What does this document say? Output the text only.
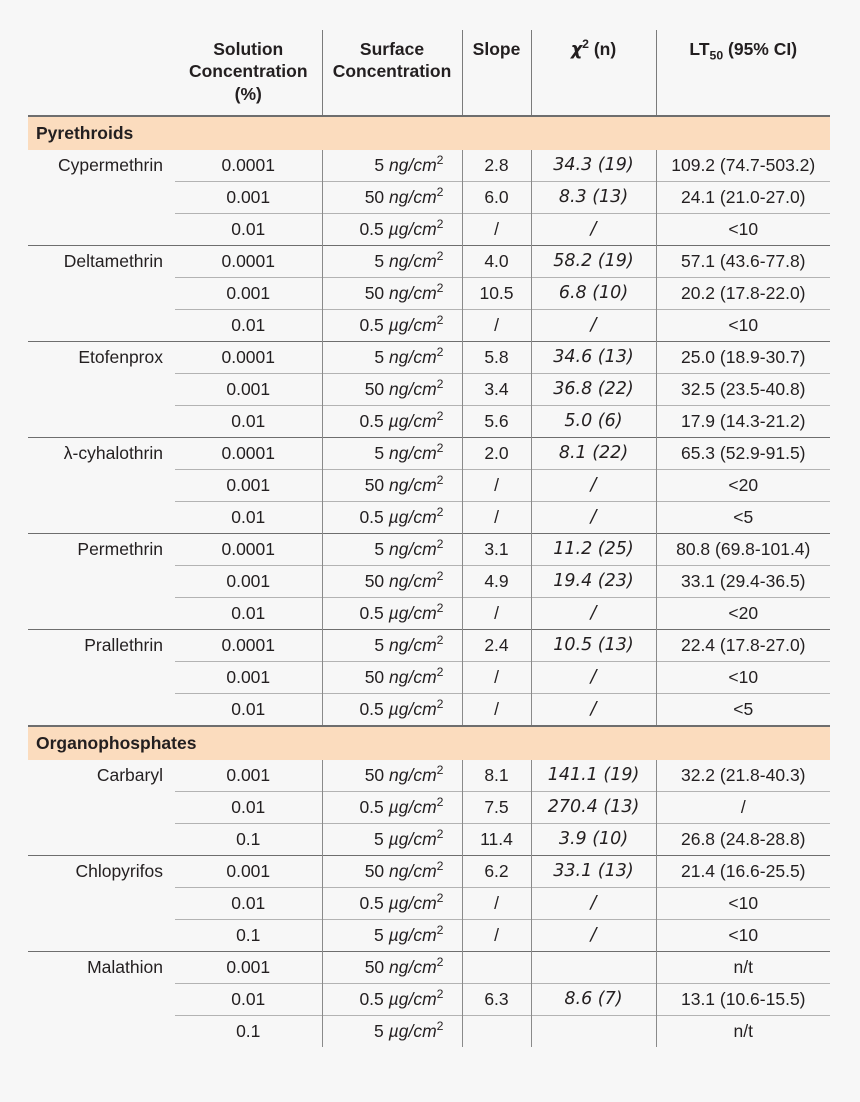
	Solution
Concentration
(%)	Surface
Concentration	Slope	$\chi^2$ (n)	$LT_{50}$ (95% CI)
Pyrethroids					
Cypermethrin	0.0001	5 $ng/cm^2$	2.8	34.3 (19)	109.2 (74.7-503.2)
	0.001	50 $ng/cm^2$	6.0	8.3 (13)	24.1 (21.0-27.0)
	0.01	0.5 $\mu g/cm^2$	/	/	<10
Deltamethrin	0.0001	5 $ng/cm^2$	4.0	58.2 (19)	57.1 (43.6-77.8)
	0.001	50 $ng/cm^2$	10.5	6.8 (10)	20.2 (17.8-22.0)
	0.01	0.5 $\mu g/cm^2$	/	/	<10
Etofenprox	0.0001	5 $ng/cm^2$	5.8	34.6 (13)	25.0 (18.9-30.7)
	0.001	50 $ng/cm^2$	3.4	36.8 (22)	32.5 (23.5-40.8)
	0.01	0.5 $\mu g/cm^2$	5.6	5.0 (6)	17.9 (14.3-21.2)
λ-cyhalothrin	0.0001	5 $ng/cm^2$	2.0	8.1 (22)	65.3 (52.9-91.5)
	0.001	50 $ng/cm^2$	/	/	<20
	0.01	0.5 $\mu g/cm^2$	/	/	<5
Permethrin	0.0001	5 $ng/cm^2$	3.1	11.2 (25)	80.8 (69.8-101.4)
	0.001	50 $ng/cm^2$	4.9	19.4 (23)	33.1 (29.4-36.5)
	0.01	0.5 $\mu g/cm^2$	/	/	<20
Prallethrin	0.0001	5 $ng/cm^2$	2.4	10.5 (13)	22.4 (17.8-27.0)
	0.001	50 $ng/cm^2$	/	/	<10
	0.01	0.5 $\mu g/cm^2$	/	/	<5
Organophosphates					
Carbaryl	0.001	50 $ng/cm^2$	8.1	141.1 (19)	32.2 (21.8-40.3)
	0.01	0.5 $\mu g/cm^2$	7.5	270.4 (13)	/
	0.1	5 $\mu g/cm^2$	11.4	3.9 (10)	26.8 (24.8-28.8)
Chlopyrifos	0.001	50 $ng/cm^2$	6.2	33.1 (13)	21.4 (16.6-25.5)
	0.01	0.5 $\mu g/cm^2$	/	/	<10
	0.1	5 $\mu g/cm^2$	/	/	<10
Malathion	0.001	50 $ng/cm^2$			n/t
	0.01	0.5 $\mu g/cm^2$	6.3	8.6 (7)	13.1 (10.6-15.5)
	0.1	5 $\mu g/cm^2$			n/t
